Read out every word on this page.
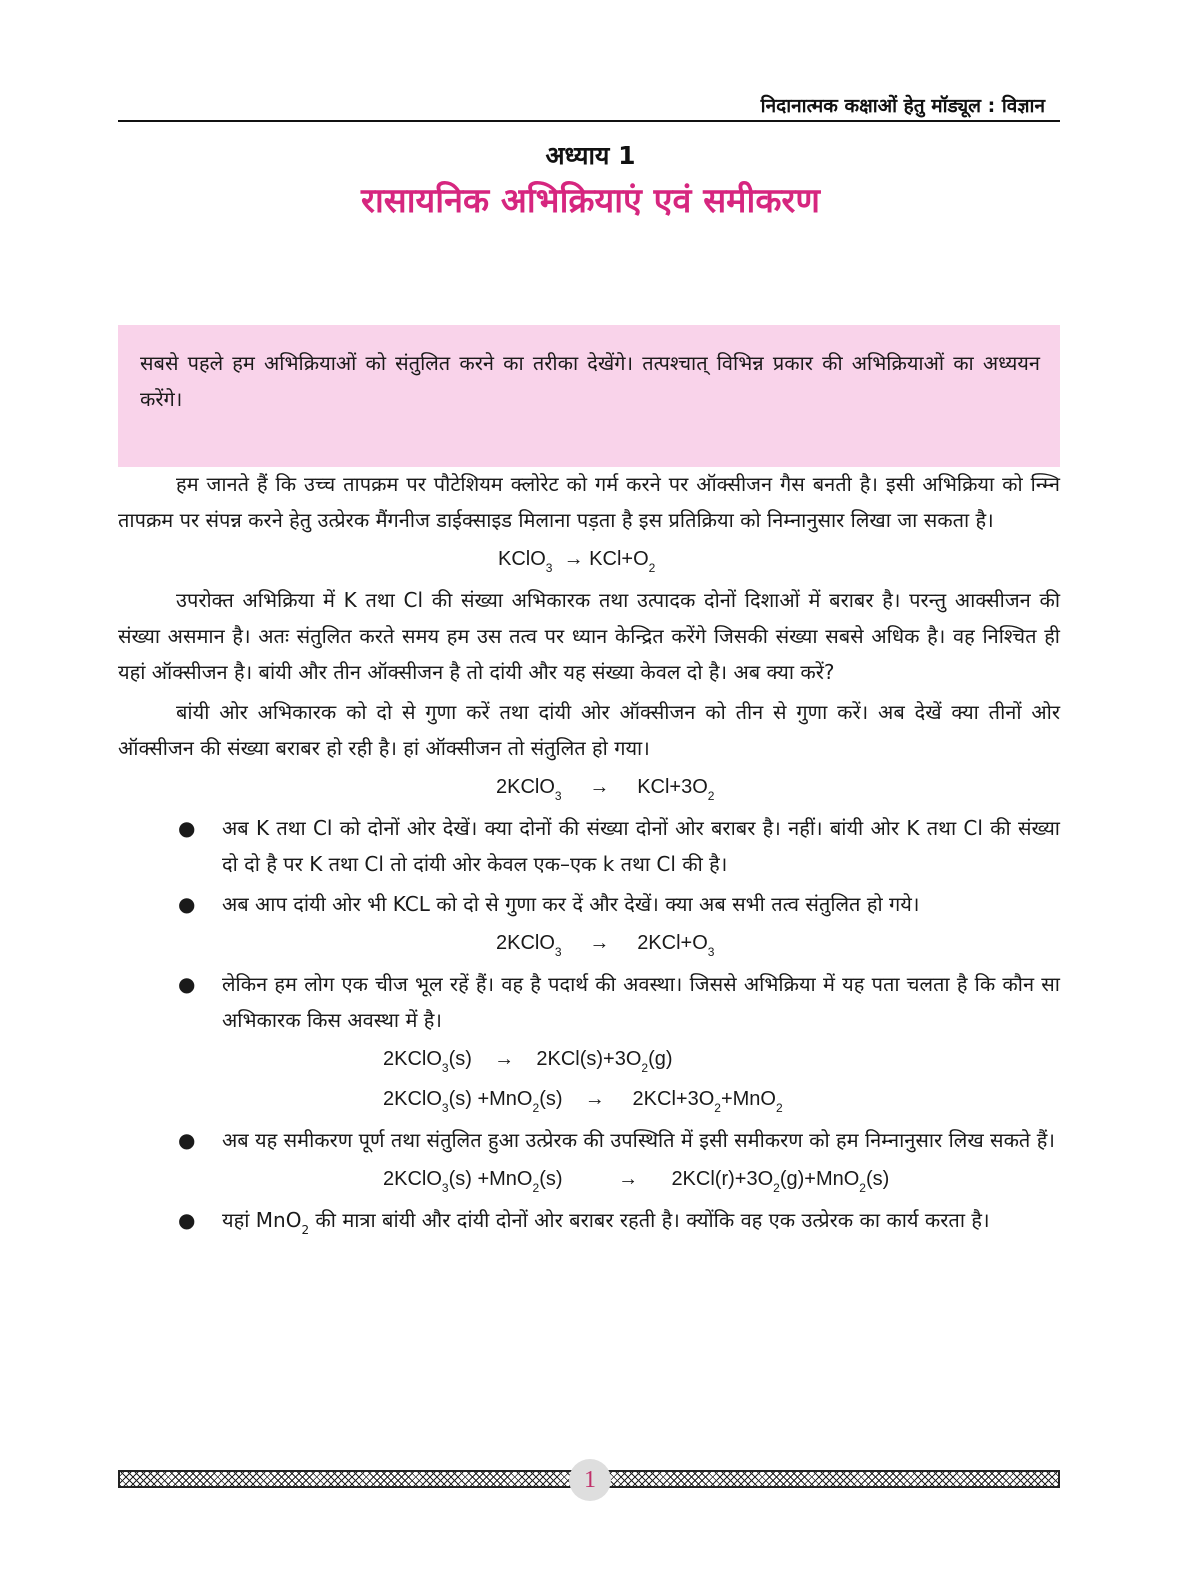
निदानात्मक कक्षाओं हेतु मॉड्यूल : विज्ञान
अध्याय 1
रासायनिक अभिक्रियाएं एवं समीकरण
सबसे पहले हम अभिक्रियाओं को संतुलित करने का तरीका देखेंगे। तत्पश्चात् विभिन्न प्रकार की अभिक्रियाओं का अध्ययन करेंगे।

हम जानते हैं कि उच्च तापक्रम पर पौटेशियम क्लोरेट को गर्म करने पर ऑक्सीजन गैस बनती है। इसी अभिक्रिया को न्म्नि तापक्रम पर संपन्न करने हेतु उत्प्रेरक मैंगनीज डाईक्साइड मिलाना पड़ता है इस प्रतिक्रिया को निम्नानुसार लिखा जा सकता है।

KClO$_3$ → $KCl+O_2$

उपरोक्त अभिक्रिया में K तथा Cl की संख्या अभिकारक तथा उत्पादक दोनों दिशाओं में बराबर है। परन्तु आक्सीजन की संख्या असमान है। अतः संतुलित करते समय हम उस तत्व पर ध्यान केन्द्रित करेंगे जिसकी संख्या सबसे अधिक है। वह निश्चित ही यहां ऑक्सीजन है। बांयी और तीन ऑक्सीजन है तो दांयी और यह संख्या केवल दो है। अब क्या करें?

बांयी ओर अभिकारक को दो से गुणा करें तथा दांयी ओर ऑक्सीजन को तीन से गुणा करें। अब देखें क्या तीनों ओर ऑक्सीजन की संख्या बराबर हो रही है। हां ऑक्सीजन तो संतुलित हो गया।

2KClO$_3$ → $KCl+3O_2$
● अब K तथा Cl को दोनों ओर देखें। क्या दोनों की संख्या दोनों ओर बराबर है। नहीं। बांयी ओर K तथा Cl की संख्या दो दो है पर K तथा Cl तो दांयी ओर केवल एक–एक k तथा Cl की है।
● अब आप दांयी ओर भी KCL को दो से गुणा कर दें और देखें। क्या अब सभी तत्व संतुलित हो गये।
2KClO$_3$ → $2KCl+O_3$
● लेकिन हम लोग एक चीज भूल रहें हैं। वह है पदार्थ की अवस्था। जिससे अभिक्रिया में यह पता चलता है कि कौन सा अभिकारक किस अवस्था में है।
2KClO$_3$(s) → $2KCl(s)+3O_2(g)$
2KClO$_3$(s) $+MnO_2(s) \to 2KCl+3O_2+MnO_2$
● अब यह समीकरण पूर्ण तथा संतुलित हुआ उत्प्रेरक की उपस्थिति में इसी समीकरण को हम निम्नानुसार लिख सकते हैं।
2KClO$_3$(s) +MnO$_2$(s)	→ $2KCl(r)+3O_2(g)+MnO_2(s)$
● यहां MnO$_2$ की मात्रा बांयी और दांयी दोनों ओर बराबर रहती है। क्योंकि वह एक उत्प्रेरक का कार्य करता है।
1
